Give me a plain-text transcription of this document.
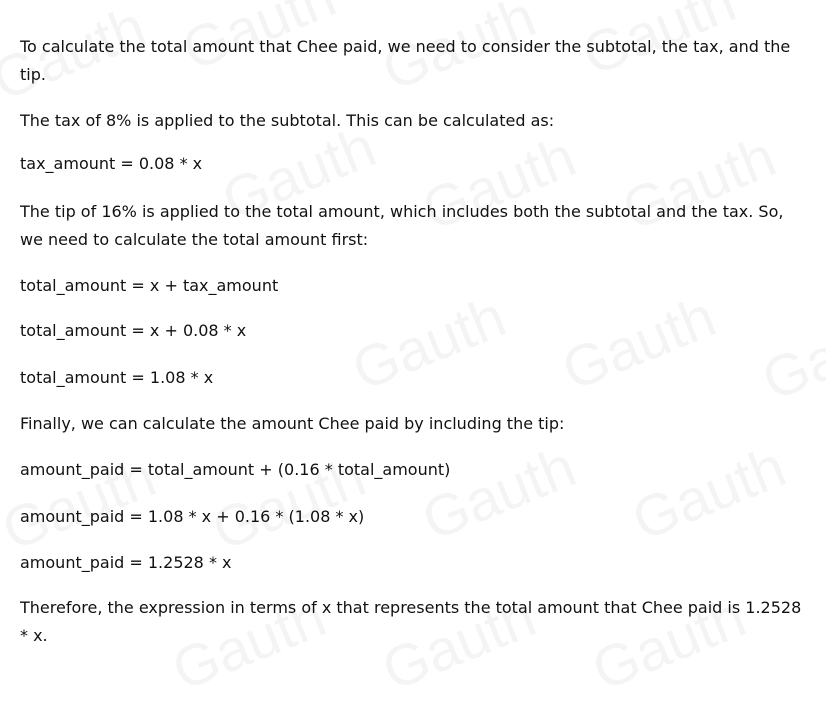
To calculate the total amount that Chee paid, we need to consider the subtotal, the tax, and the tip.

The tax of 8% is applied to the subtotal. This can be calculated as:

tax_amount = 0.08 * x

The tip of 16% is applied to the total amount, which includes both the subtotal and the tax. So, we need to calculate the total amount first:

total_amount = x + tax_amount

total_amount = x + 0.08 * x

total_amount = 1.08 * x

Finally, we can calculate the amount Chee paid by including the tip:

amount_paid = total_amount + (0.16 * total_amount)

amount_paid = 1.08 * x + 0.16 * (1.08 * x)

amount_paid = 1.2528 * x

Therefore, the expression in terms of x that represents the total amount that Chee paid is 1.2528 * x.
